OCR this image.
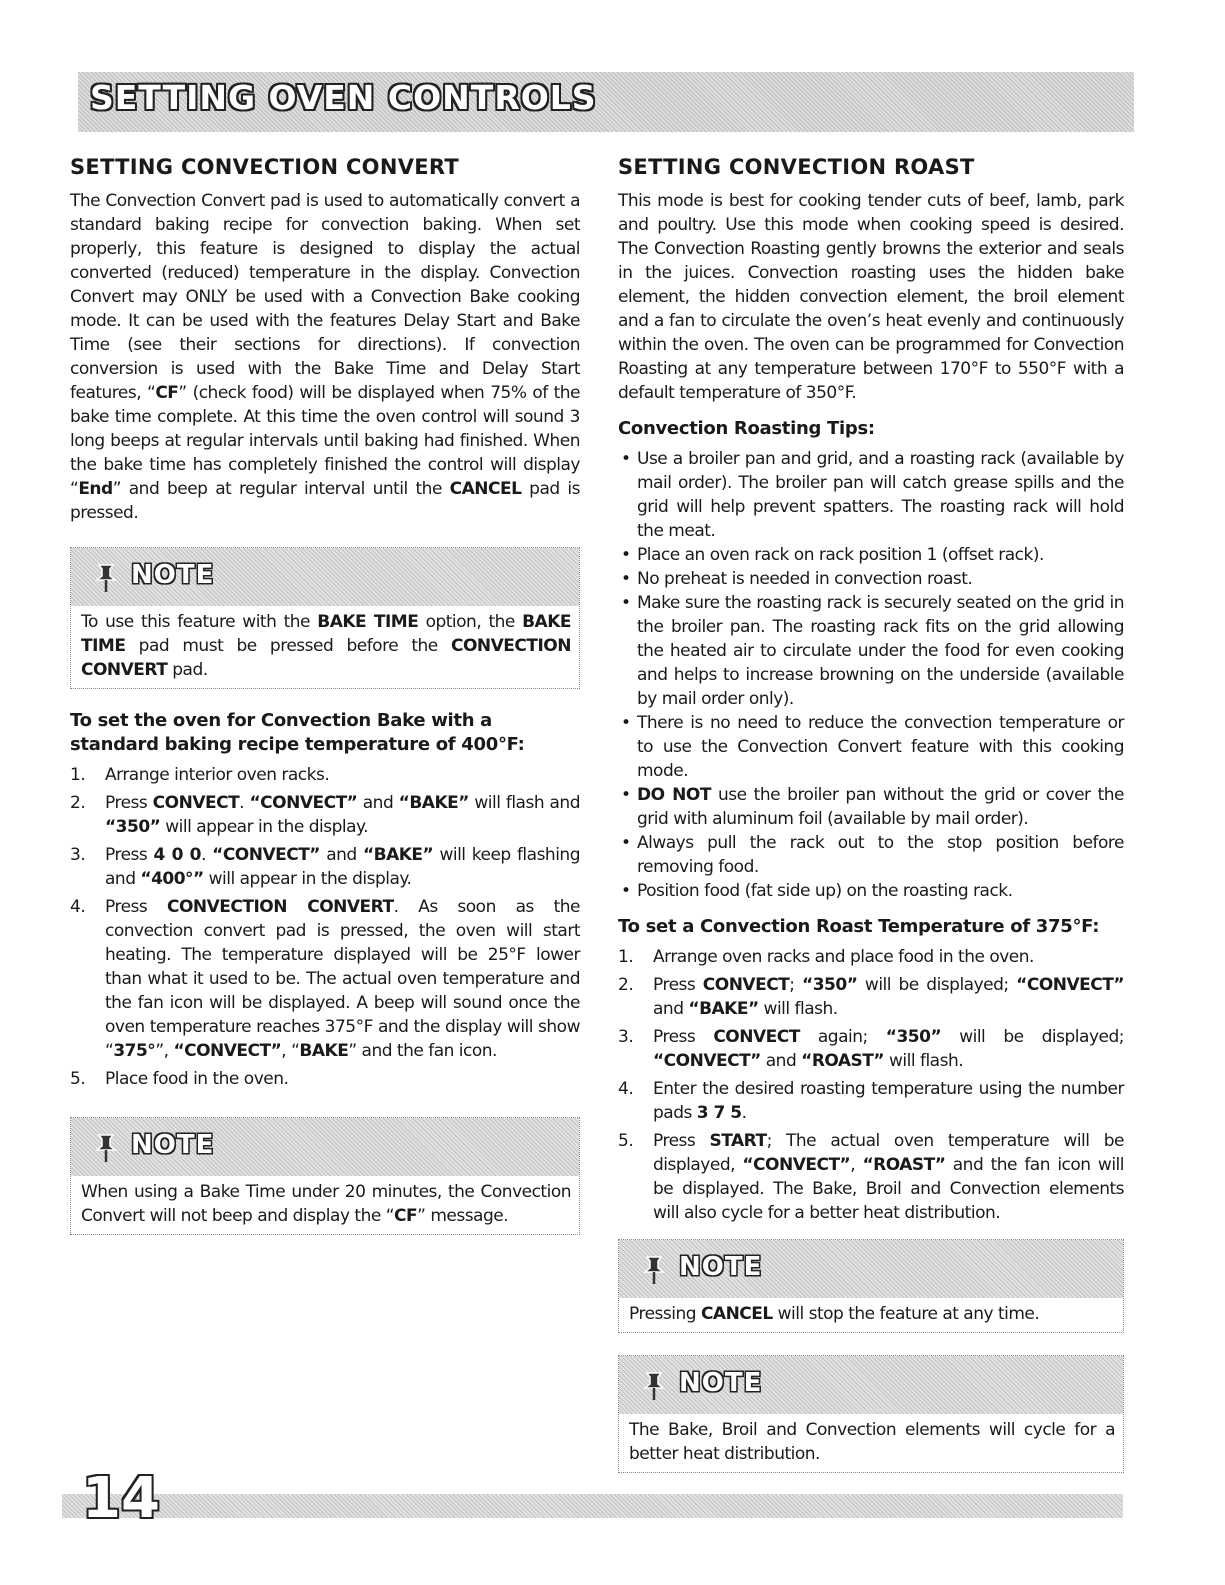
SETTING OVEN CONTROLS
SETTING CONVECTION CONVERT

The Convection Convert pad is used to automatically convert a standard baking recipe for convection baking. When set properly, this feature is designed to display the actual converted (reduced) temperature in the display. Convection Convert may ONLY be used with a Convection Bake cooking mode. It can be used with the features Delay Start and Bake Time (see their sections for directions). If convection conversion is used with the Bake Time and Delay Start features, “CF” (check food) will be displayed when 75% of the bake time complete. At this time the oven control will sound 3 long beeps at regular intervals until baking had finished. When the bake time has completely finished the control will display “End” and beep at regular interval until the CANCEL pad is pressed.

NOTE
To use this feature with the BAKE TIME option, the BAKE TIME pad must be pressed before the CONVECTION CONVERT pad.
To set the oven for Convection Bake with a standard baking recipe temperature of 400°F:
1. Arrange interior oven racks.
2. Press CONVECT. “CONVECT” and “BAKE” will flash and “350” will appear in the display.
3. Press 4 0 0. “CONVECT” and “BAKE” will keep flashing and “400°” will appear in the display.
4. Press CONVECTION CONVERT. As soon as the convection convert pad is pressed, the oven will start heating. The temperature displayed will be 25°F lower than what it used to be. The actual oven temperature and the fan icon will be displayed. A beep will sound once the oven temperature reaches 375°F and the display will show “375°”, “CONVECT”, “BAKE” and the fan icon.
5. Place food in the oven.
NOTE
When using a Bake Time under 20 minutes, the Convection Convert will not beep and display the “CF” message.
SETTING CONVECTION ROAST

This mode is best for cooking tender cuts of beef, lamb, park and poultry. Use this mode when cooking speed is desired. The Convection Roasting gently browns the exterior and seals in the juices. Convection roasting uses the hidden bake element, the hidden convection element, the broil element and a fan to circulate the oven’s heat evenly and continuously within the oven. The oven can be programmed for Convection Roasting at any temperature between 170°F to 550°F with a default temperature of 350°F.

Convection Roasting Tips:
• Use a broiler pan and grid, and a roasting rack (available by mail order). The broiler pan will catch grease spills and the grid will help prevent spatters. The roasting rack will hold the meat.
• Place an oven rack on rack position 1 (offset rack).
• No preheat is needed in convection roast.
• Make sure the roasting rack is securely seated on the grid in the broiler pan. The roasting rack fits on the grid allowing the heated air to circulate under the food for even cooking and helps to increase browning on the underside (available by mail order only).
• There is no need to reduce the convection temperature or to use the Convection Convert feature with this cooking mode.
• DO NOT use the broiler pan without the grid or cover the grid with aluminum foil (available by mail order).
• Always pull the rack out to the stop position before removing food.
• Position food (fat side up) on the roasting rack.
To set a Convection Roast Temperature of 375°F:
1. Arrange oven racks and place food in the oven.
2. Press CONVECT; “350” will be displayed; “CONVECT” and “BAKE” will flash.
3. Press CONVECT again; “350” will be displayed; “CONVECT” and “ROAST” will flash.
4. Enter the desired roasting temperature using the number pads 3 7 5.
5. Press START; The actual oven temperature will be displayed, “CONVECT”, “ROAST” and the fan icon will be displayed. The Bake, Broil and Convection elements will also cycle for a better heat distribution.
NOTE
Pressing CANCEL will stop the feature at any time.
NOTE
The Bake, Broil and Convection elements will cycle for a better heat distribution.
14
